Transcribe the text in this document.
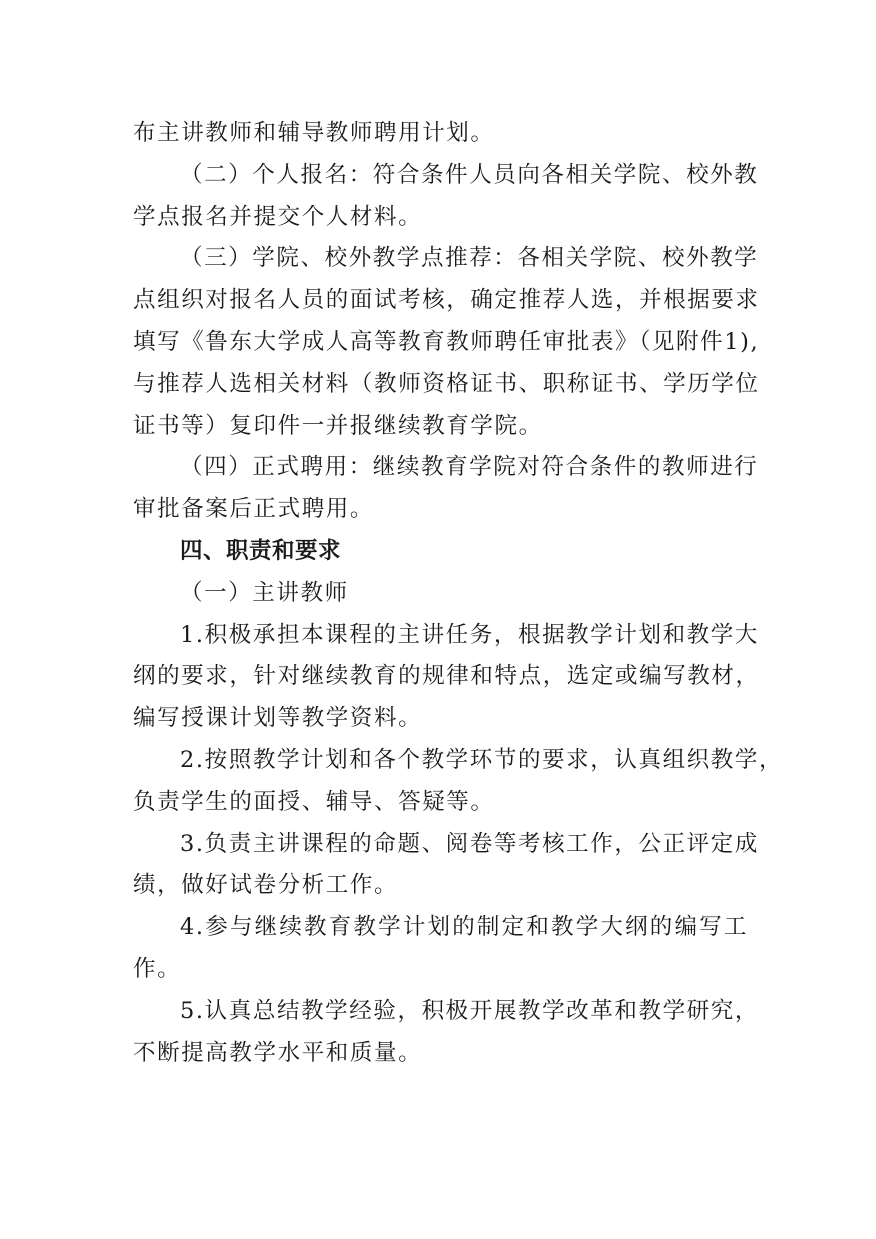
布主讲教师和辅导教师聘用计划。

（二）个人报名：符合条件人员向各相关学院、校外教

学点报名并提交个人材料。

（三）学院、校外教学点推荐：各相关学院、校外教学

点组织对报名人员的面试考核，确定推荐人选，并根据要求

填写《鲁东大学成人高等教育教师聘任审批表》（见附件1),

与推荐人选相关材料（教师资格证书、职称证书、学历学位

证书等）复印件一并报继续教育学院。

（四）正式聘用：继续教育学院对符合条件的教师进行

审批备案后正式聘用。

四、职责和要求

（一）主讲教师

1.积极承担本课程的主讲任务，根据教学计划和教学大

纲的要求，针对继续教育的规律和特点，选定或编写教材，

编写授课计划等教学资料。

2.按照教学计划和各个教学环节的要求，认真组织教学，

负责学生的面授、辅导、答疑等。

3.负责主讲课程的命题、阅卷等考核工作，公正评定成

绩，做好试卷分析工作。

4.参与继续教育教学计划的制定和教学大纲的编写工

作。

5.认真总结教学经验，积极开展教学改革和教学研究，

不断提高教学水平和质量。
